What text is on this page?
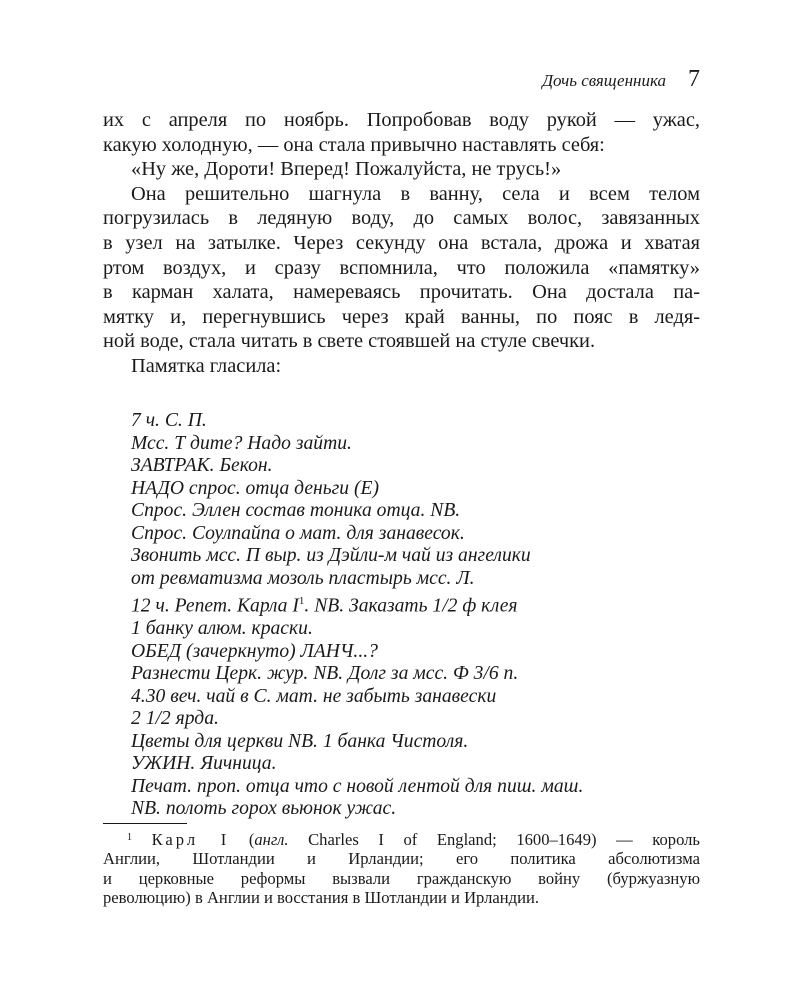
Дочь священника 7

их с апреля по ноябрь. Попробовав воду рукой — ужас,

какую холодную, — она стала привычно наставлять себя:

«Ну же, Дороти! Вперед! Пожалуйста, не трусь!»

Она решительно шагнула в ванну, села и всем телом

погрузилась в ледяную воду, до самых волос, завязанных

в узел на затылке. Через секунду она встала, дрожа и хватая

ртом воздух, и сразу вспомнила, что положила «памятку»

в карман халата, намереваясь прочитать. Она достала па-

мятку и, перегнувшись через край ванны, по пояс в ледя-

ной воде, стала читать в свете стоявшей на стуле свечки.

Памятка гласила:

7 ч. С. П.

Мсс. Т дите? Надо зайти.

ЗАВТРАК. Бекон.

НАДО спрос. отца деньги (Е)

Спрос. Эллен состав тоника отца. NB.

Спрос. Соулпайпа о мат. для занавесок.

Звонить мсс. П выр. из Дэйли-м чай из ангелики

от ревматизма мозоль пластырь мсс. Л.

12 ч. Репет. Карла $I^1$. NB. Заказать 1/2 ф клея

1 банку алюм. краски.

ОБЕД (зачеркнуто) ЛАНЧ...?

Разнести Церк. жур. NB. Долг за мсс. Ф 3/6 п.

4.30 веч. чай в С. мат. не забыть занавески

2 1/2 ярда.

Цветы для церкви NB. 1 банка Чистоля.

УЖИН. Яичница.

Печат. проп. отца что с новой лентой для пиш. маш.

NB. полоть горох вьюнок ужас.

$^1$ Карл I (англ. Charles I of England; 1600–1649) — король

Англии, Шотландии и Ирландии; его политика абсолютизма

и церковные реформы вызвали гражданскую войну (буржуазную

революцию) в Англии и восстания в Шотландии и Ирландии.
